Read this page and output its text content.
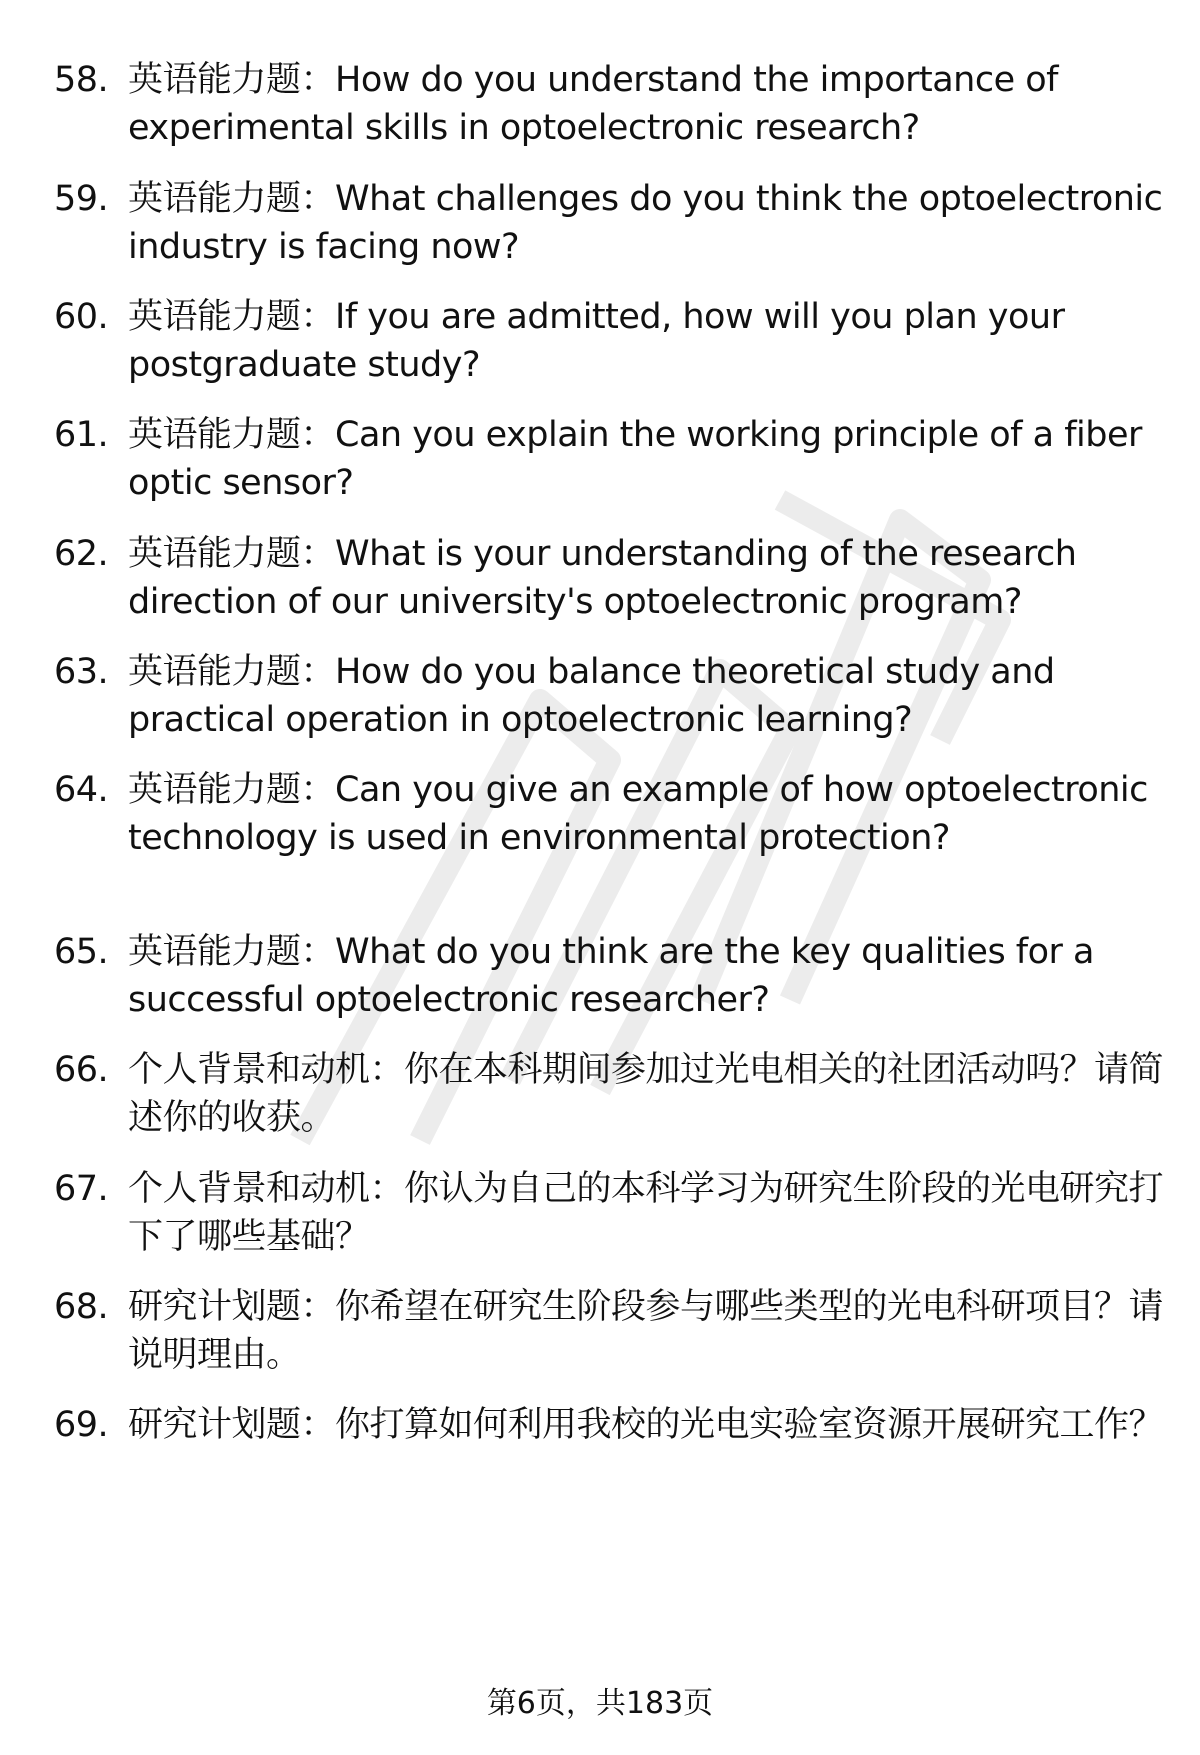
58. 英语能力题：How do you understand the importance of experimental skills in optoelectronic research?
59. 英语能力题：What challenges do you think the optoelectronic industry is facing now?
60. 英语能力题：If you are admitted, how will you plan your postgraduate study?
61. 英语能力题：Can you explain the working principle of a fiber optic sensor?
62. 英语能力题：What is your understanding of the research direction of our university's optoelectronic program?
63. 英语能力题：How do you balance theoretical study and practical operation in optoelectronic learning?
64. 英语能力题：Can you give an example of how optoelectronic technology is used in environmental protection?
65. 英语能力题：What do you think are the key qualities for a successful optoelectronic researcher?
66. 个人背景和动机：你在本科期间参加过光电相关的社团活动吗？请简述你的收获。
67. 个人背景和动机：你认为自己的本科学习为研究生阶段的光电研究打下了哪些基础？
68. 研究计划题：你希望在研究生阶段参与哪些类型的光电科研项目？请说明理由。
69. 研究计划题：你打算如何利用我校的光电实验室资源开展研究工作？
第6页，共183页
